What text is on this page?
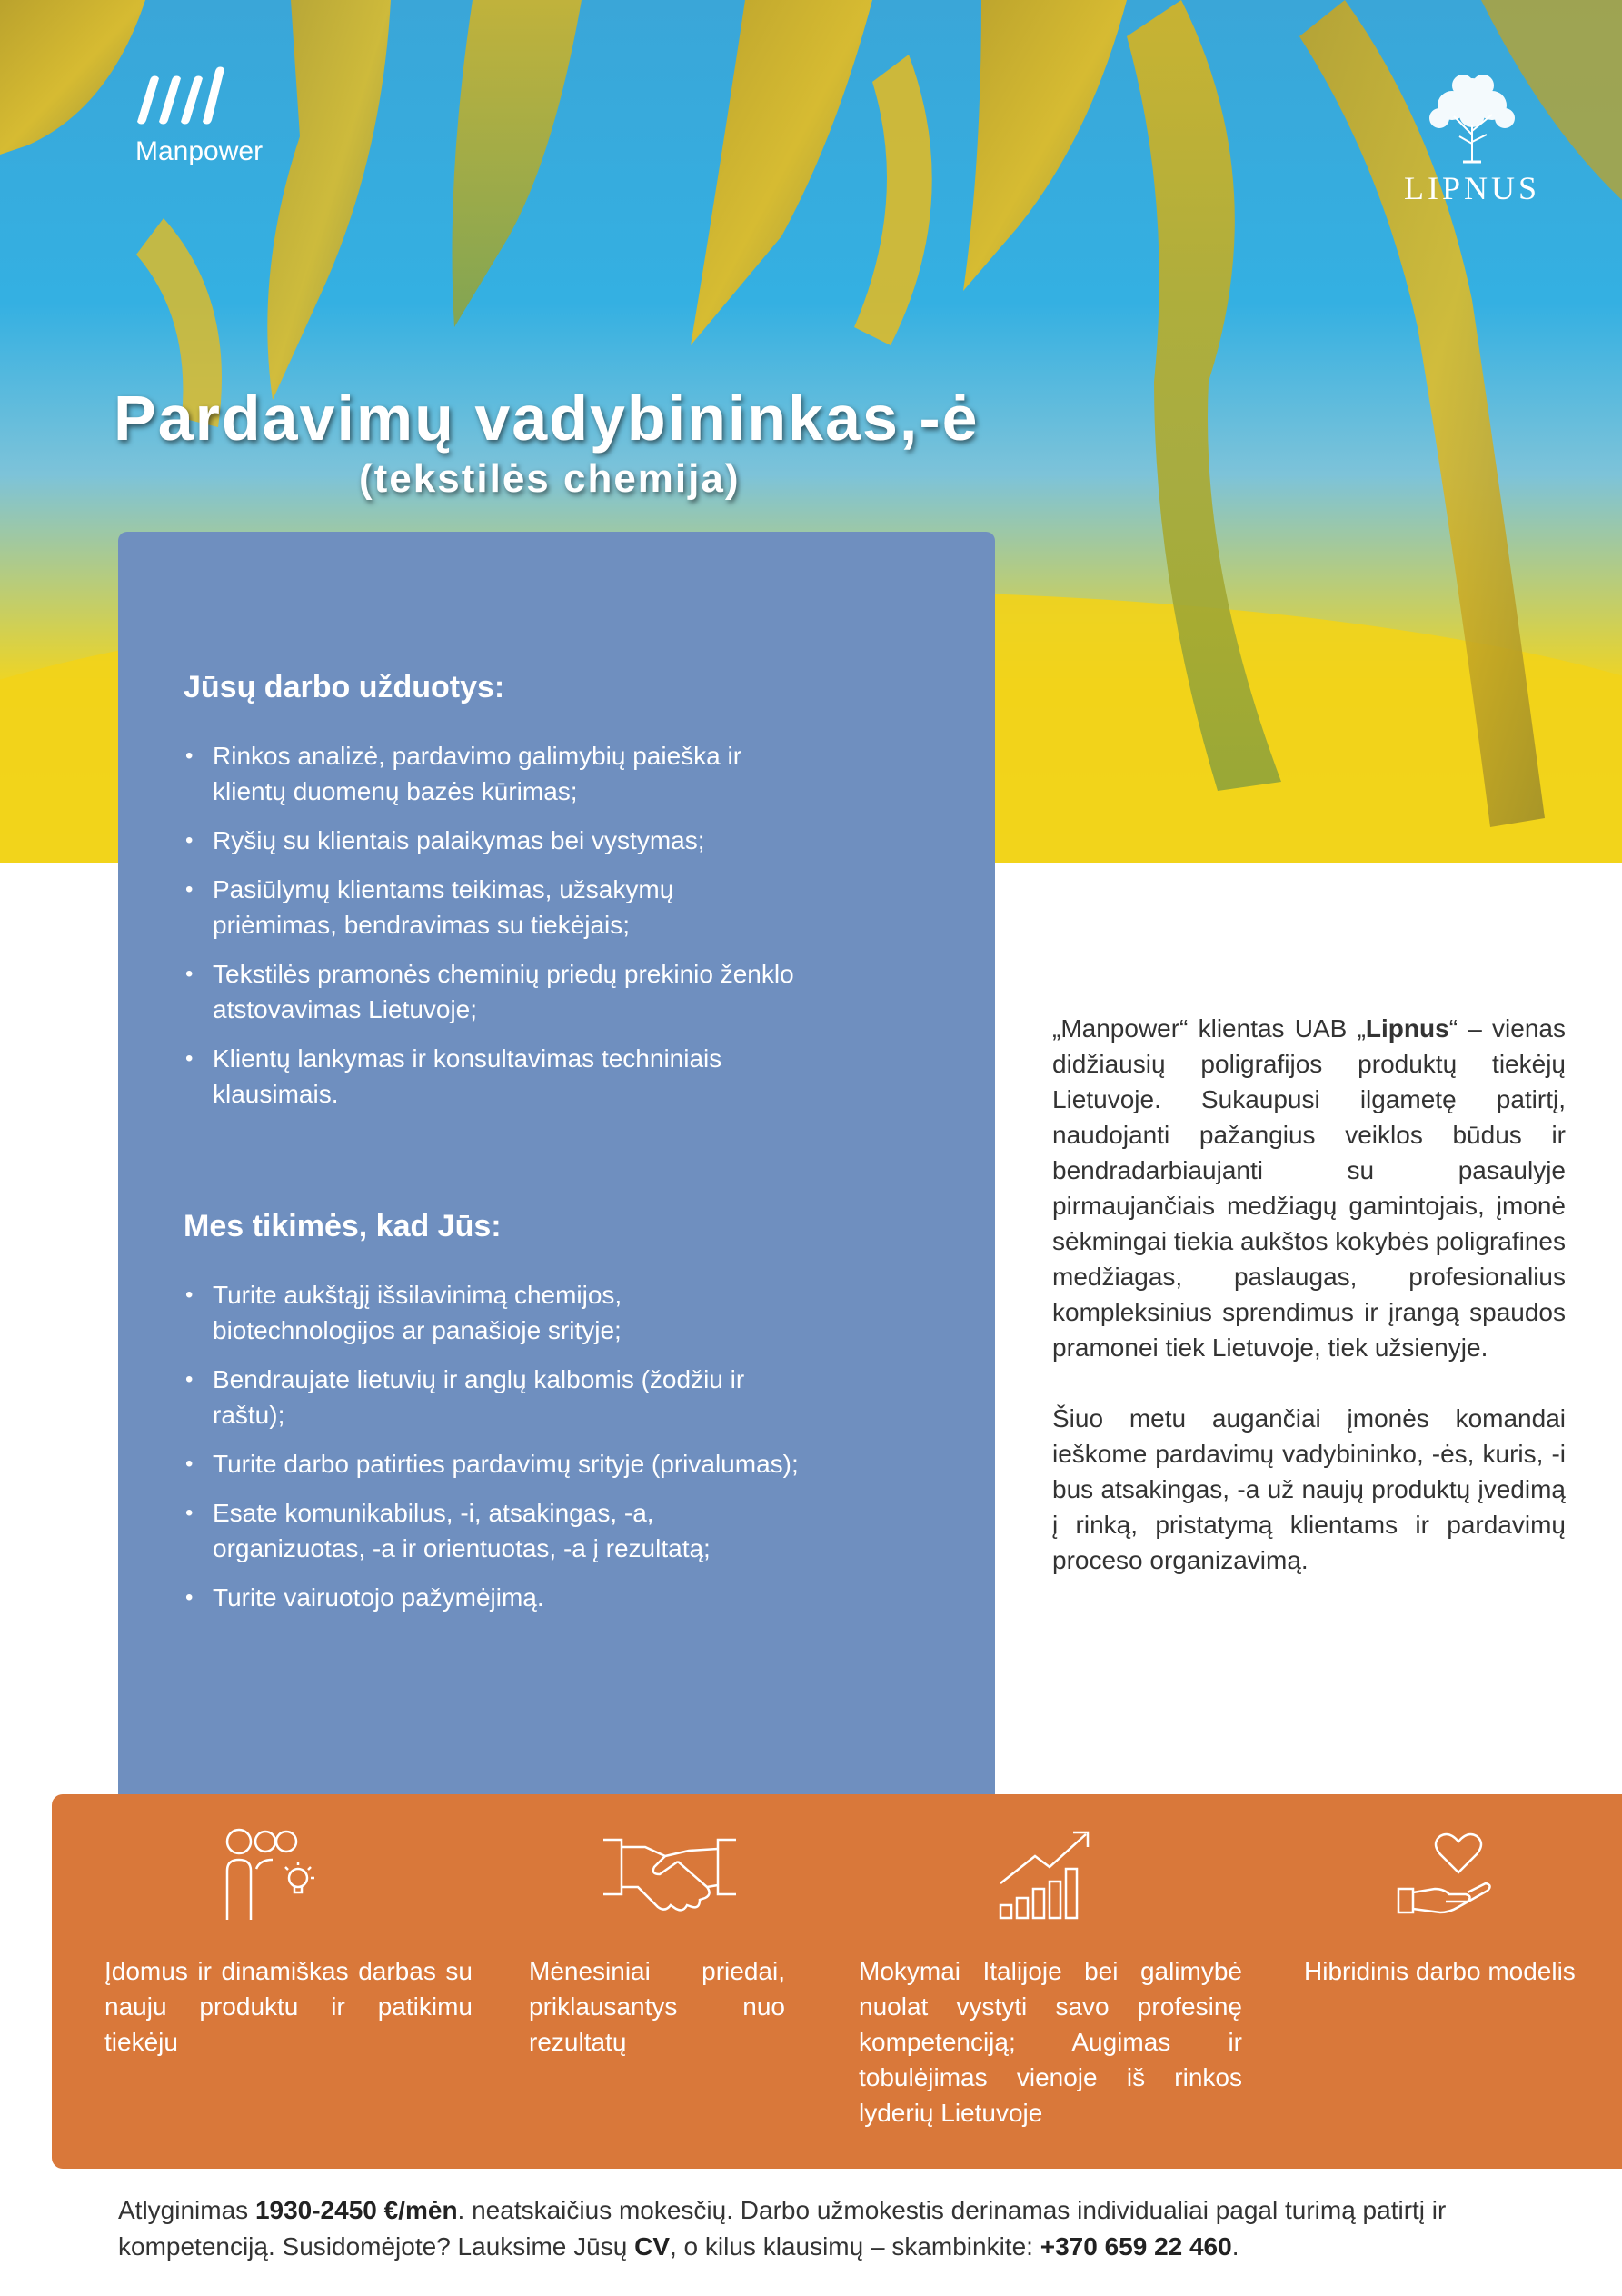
Manpower
LIPNUS
Pardavimų vadybininkas,-ė
(tekstilės chemija)
Jūsų darbo užduotys:
• Rinkos analizė, pardavimo galimybių paieška ir klientų duomenų bazės kūrimas;
• Ryšių su klientais palaikymas bei vystymas;
• Pasiūlymų klientams teikimas, užsakymų priėmimas, bendravimas su tiekėjais;
• Tekstilės pramonės cheminių priedų prekinio ženklo atstovavimas Lietuvoje;
• Klientų lankymas ir konsultavimas techniniais klausimais.
Mes tikimės, kad Jūs:
• Turite aukštąjį išsilavinimą chemijos, biotechnologijos ar panašioje srityje;
• Bendraujate lietuvių ir anglų kalbomis (žodžiu ir raštu);
• Turite darbo patirties pardavimų srityje (privalumas);
• Esate komunikabilus, -i, atsakingas, -a, organizuotas, -a ir orientuotas, -a į rezultatą;
• Turite vairuotojo pažymėjimą.

„Manpower“ klientas UAB „Lipnus“ – vienas didžiausių poligrafijos produktų tiekėjų Lietuvoje. Sukaupusi ilgametę patirtį, naudojanti pažangius veiklos būdus ir bendradarbiaujanti su pasaulyje pirmaujančiais medžiagų gamintojais, įmonė sėkmingai tiekia aukštos kokybės poligrafines medžiagas, paslaugas, profesionalius kompleksinius sprendimus ir įrangą spaudos pramonei tiek Lietuvoje, tiek užsienyje.

Šiuo metu augančiai įmonės komandai ieškome pardavimų vadybininko, -ės, kuris, -i bus atsakingas, -a už naujų produktų įvedimą į rinką, pristatymą klientams ir pardavimų proceso organizavimą.

Įdomus ir dinamiškas darbas su nauju produktu ir patikimu tiekėju
Mėnesiniai priedai, priklausantys nuo rezultatų
Mokymai Italijoje bei galimybė nuolat vystyti savo profesinę kompetenciją; Augimas ir tobulėjimas vienoje iš rinkos lyderių Lietuvoje
Hibridinis darbo modelis
Atlyginimas 1930-2450 €/mėn. neatskaičius mokesčių. Darbo užmokestis derinamas individualiai pagal turimą patirtį ir kompetenciją. Susidomėjote? Lauksime Jūsų CV, o kilus klausimų – skambinkite: +370 659 22 460.
